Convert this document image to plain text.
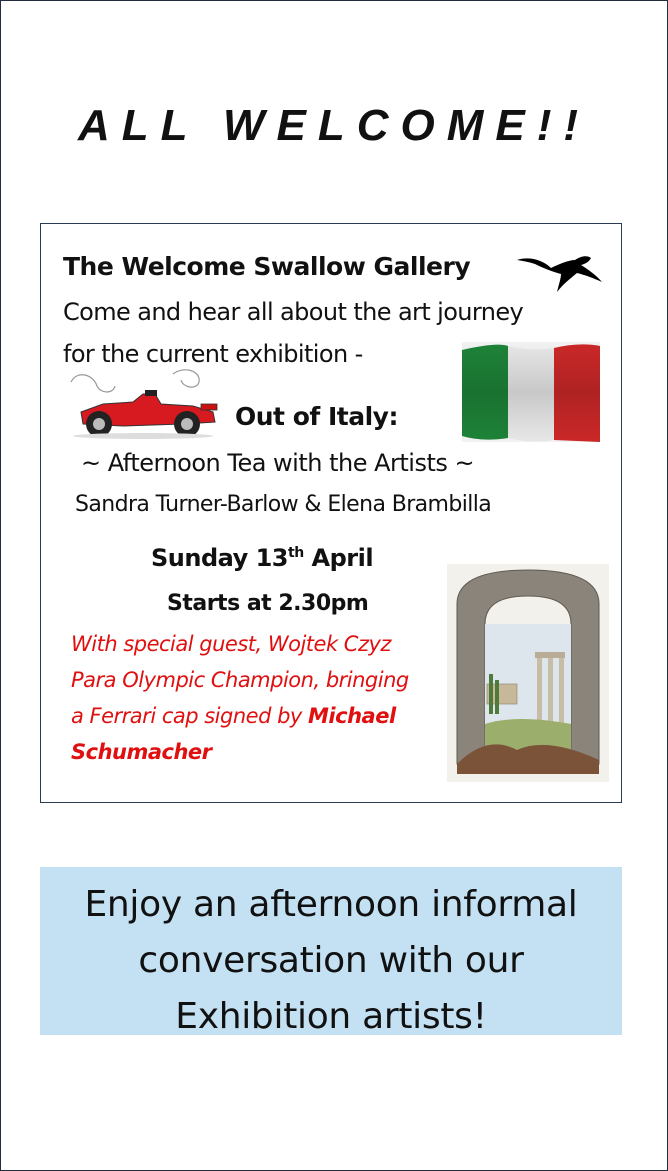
ALL WELCOME!!
The Welcome Swallow Gallery
Come and hear all about the art journey
for the current exhibition -
Out of Italy:
~ Afternoon Tea with the Artists ~
Sandra Turner-Barlow & Elena Brambilla
Sunday 13th April
Starts at 2.30pm
With special guest, Wojtek Czyz
Para Olympic Champion, bringing
a Ferrari cap signed by Michael
Schumacher
Enjoy an afternoon informal
conversation with our
Exhibition artists!
